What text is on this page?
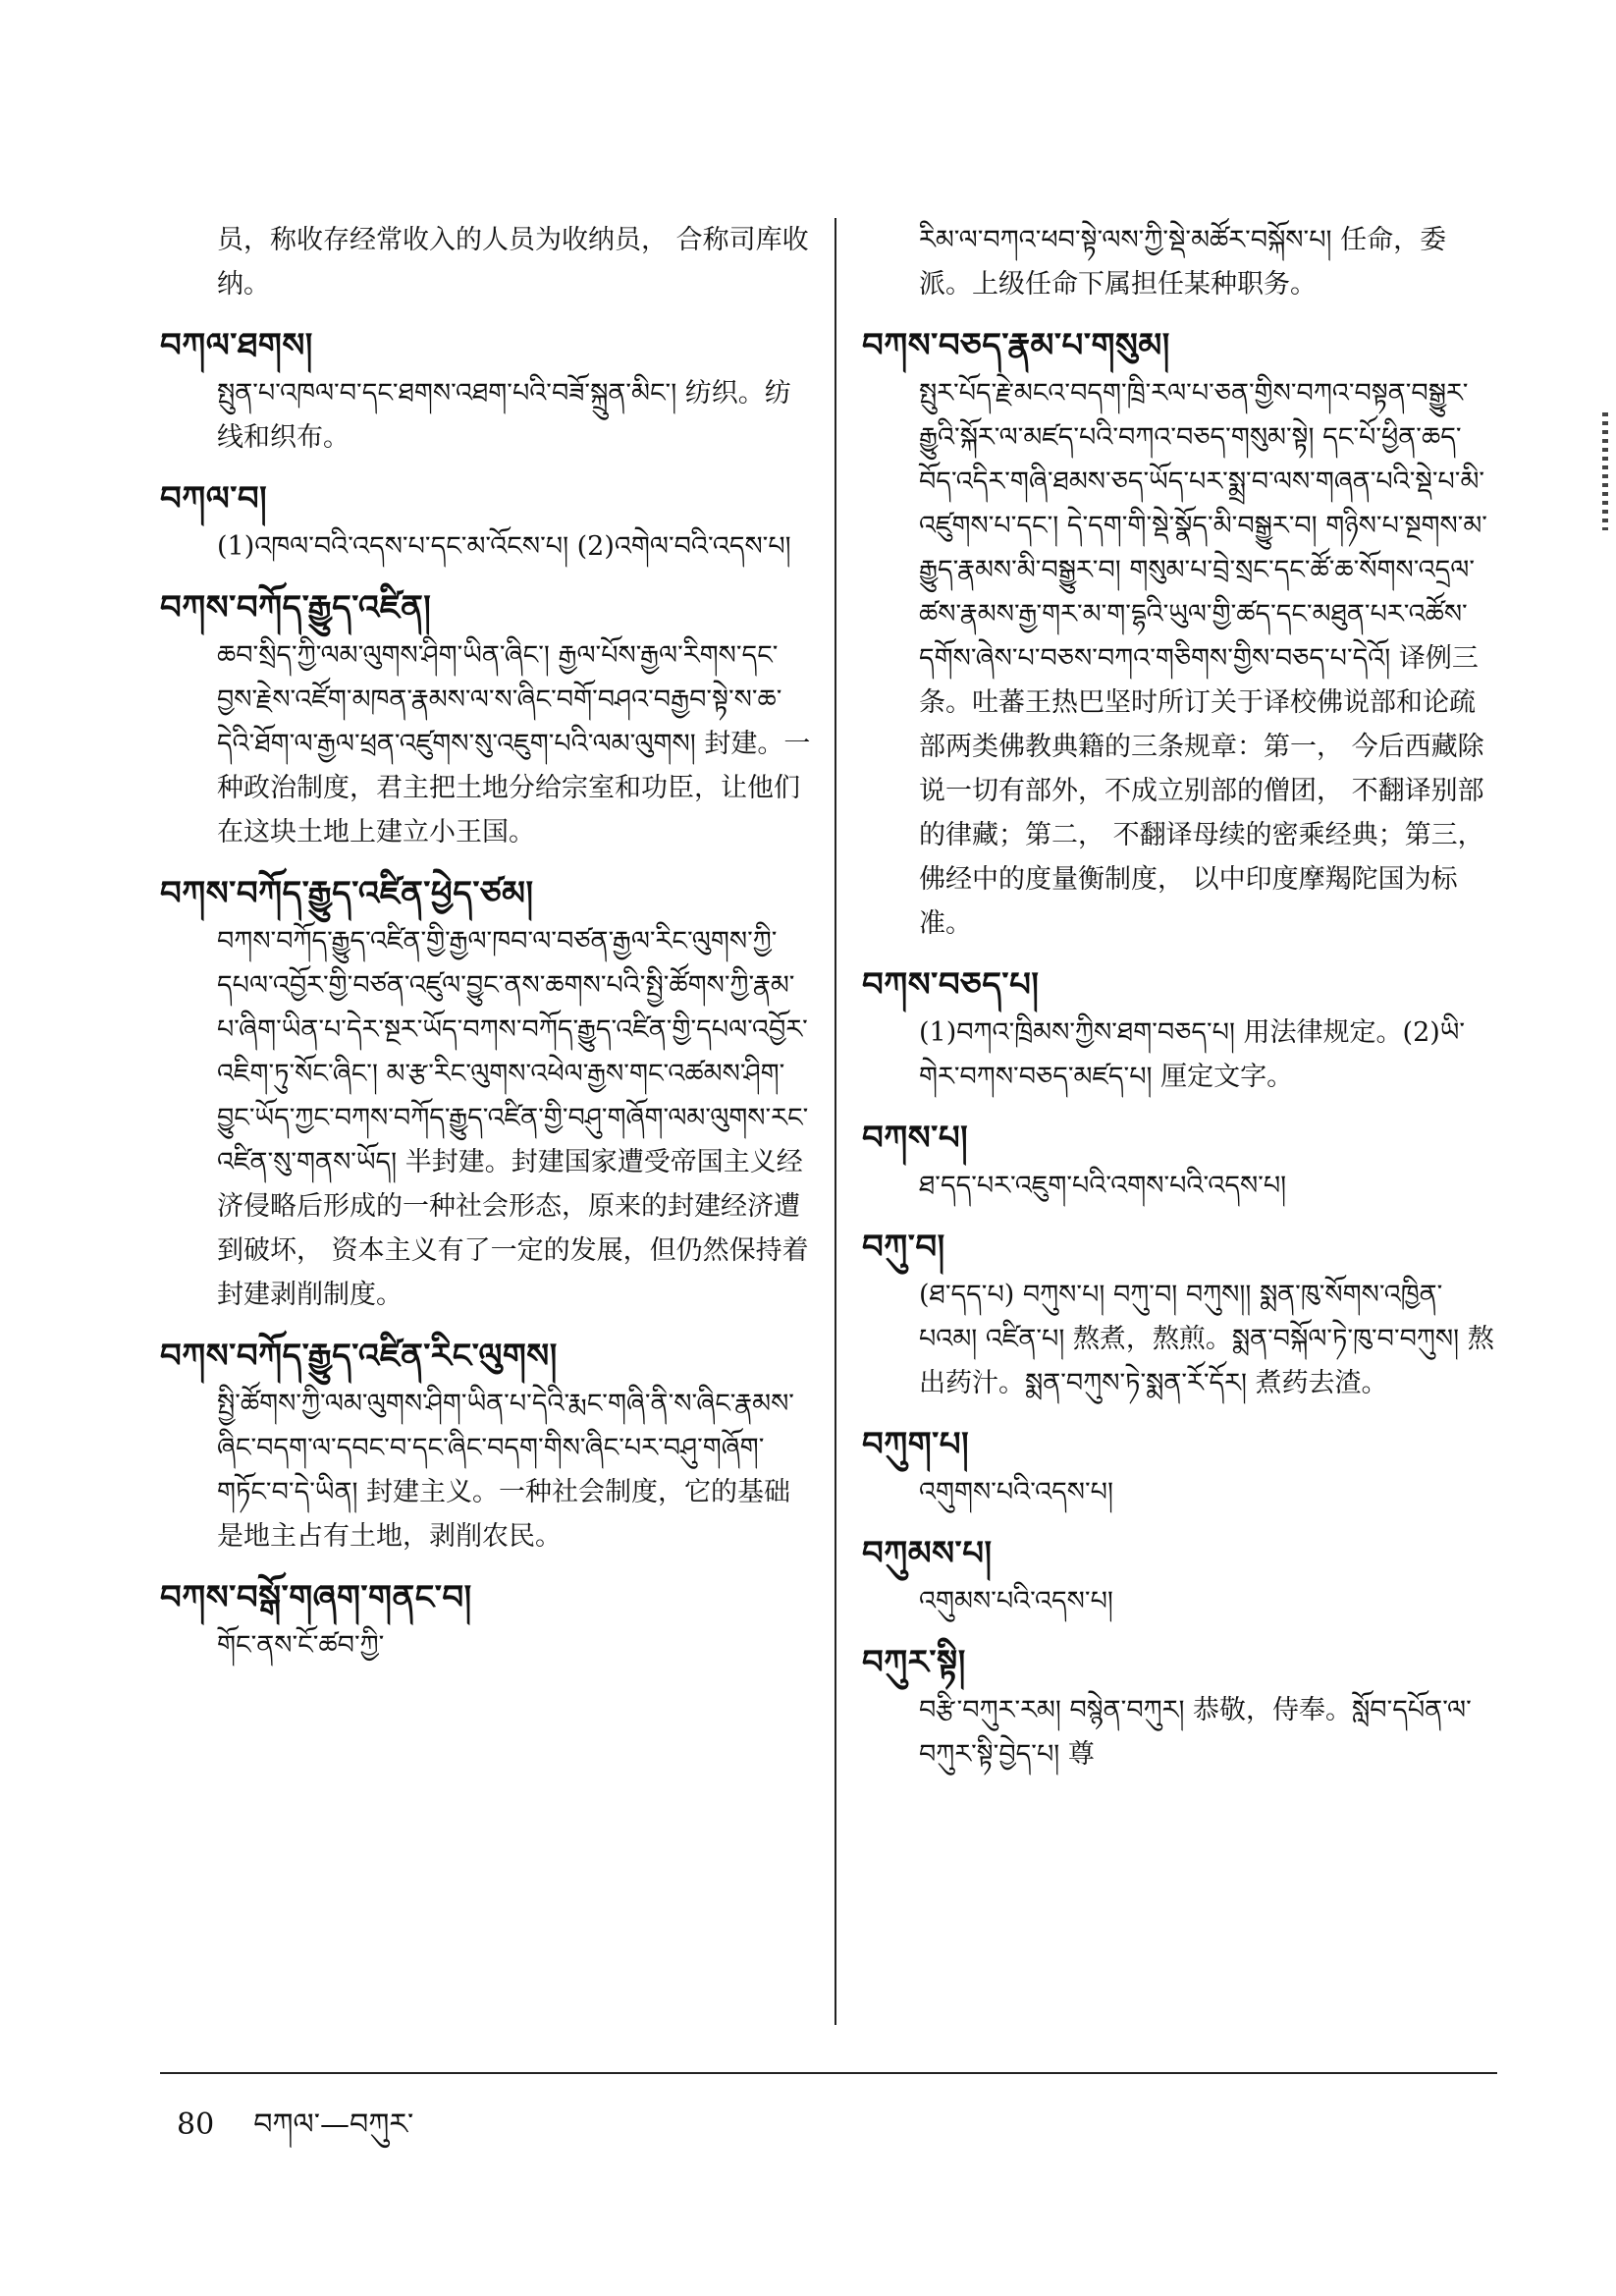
员，称收存经常收入的人员为收纳员， 合称司库收纳。
བཀལ་ཐགས།
སྤུན་པ་འཁལ་བ་དང་ཐགས་འཐག་པའི་བཟོ་སྐྲུན་མིང་། 纺织。纺线和织布。
བཀལ་བ།
(1)འཁལ་བའི་འདས་པ་དང་མ་འོངས་པ། (2)འགེལ་བའི་འདས་པ།
བཀས་བཀོད་རྒྱུད་འཛིན།
ཆབ་སྲིད་ཀྱི་ལམ་ལུགས་ཤིག་ཡིན་ཞིང་། རྒྱལ་པོས་རྒྱལ་རིགས་དང་བྱས་རྗེས་འཛོག་མཁན་རྣམས་ལ་ས་ཞིང་བགོ་བཤའ་བརྒྱབ་སྟེ་ས་ཆ་དེའི་ཐོག་ལ་རྒྱལ་ཕྲན་འཛུགས་སུ་འཇུག་པའི་ལམ་ལུགས། 封建。一种政治制度，君主把土地分给宗室和功臣，让他们在这块土地上建立小王国。
བཀས་བཀོད་རྒྱུད་འཛིན་ཕྱེད་ཙམ།
བཀས་བཀོད་རྒྱུད་འཛིན་གྱི་རྒྱལ་ཁབ་ལ་བཙན་རྒྱལ་རིང་ལུགས་ཀྱི་དཔལ་འབྱོར་གྱི་བཙན་འཛུལ་བྱུང་ནས་ཆགས་པའི་སྤྱི་ཚོགས་ཀྱི་རྣམ་པ་ཞིག་ཡིན་པ་དེར་སྔར་ཡོད་བཀས་བཀོད་རྒྱུད་འཛིན་གྱི་དཔལ་འབྱོར་འཇིག་ཏུ་སོང་ཞིང་། མ་རྩ་རིང་ལུགས་འཕེལ་རྒྱས་གང་འཚམས་ཤིག་བྱུང་ཡོད་ཀྱང་བཀས་བཀོད་རྒྱུད་འཛིན་གྱི་བཤུ་གཞོག་ལམ་ལུགས་རང་འཛིན་སུ་གནས་ཡོད། 半封建。封建国家遭受帝国主义经济侵略后形成的一种社会形态，原来的封建经济遭到破坏， 资本主义有了一定的发展，但仍然保持着封建剥削制度。
བཀས་བཀོད་རྒྱུད་འཛིན་རིང་ལུགས།
སྤྱི་ཚོགས་ཀྱི་ལམ་ལུགས་ཤིག་ཡིན་པ་དེའི་རྨང་གཞི་ནི་ས་ཞིང་རྣམས་ཞིང་བདག་ལ་དབང་བ་དང་ཞིང་བདག་གིས་ཞིང་པར་བཤུ་གཞོག་གཏོང་བ་དེ་ཡིན། 封建主义。一种社会制度，它的基础是地主占有土地，剥削农民。
བཀས་བསྒོ་གཞག་གནང་བ།
གོང་ནས་ངོ་ཚབ་ཀྱི་
རིམ་ལ་བཀའ་ཕབ་སྟེ་ལས་ཀྱི་སྡེ་མཚོར་བསྐོས་པ། 任命，委派。上级任命下属担任某种职务。
བཀས་བཅད་རྣམ་པ་གསུམ།
སྤུར་པོད་རྗེ་མངའ་བདག་ཁྲི་རལ་པ་ཅན་གྱིས་བཀའ་བསྟན་བསྒྱུར་རྒྱུའི་སྐོར་ལ་མཛད་པའི་བཀའ་བཅད་གསུམ་སྟེ། དང་པོ་ཕྱིན་ཆད་བོད་འདིར་གཞི་ཐམས་ཅད་ཡོད་པར་སྨྲ་བ་ལས་གཞན་པའི་སྡེ་པ་མི་འཛུགས་པ་དང་། དེ་དག་གི་སྡེ་སྣོད་མི་བསྒྱུར་བ། གཉིས་པ་སྔགས་མ་རྒྱུད་རྣམས་མི་བསྒྱུར་བ། གསུམ་པ་བྲེ་སྲང་དང་ཚོ་ཆ་སོགས་འདྲལ་ཚས་རྣམས་རྒྱ་གར་མ་ག་དྷའི་ཡུལ་གྱི་ཚད་དང་མཐུན་པར་འཚོས་དགོས་ཞེས་པ་བཅས་བཀའ་གཅིགས་གྱིས་བཅད་པ་དེའོ། 译例三条。吐蕃王热巴坚时所订关于译校佛说部和论疏部两类佛教典籍的三条规章：第一， 今后西藏除说一切有部外，不成立别部的僧团， 不翻译别部的律藏；第二， 不翻译母续的密乘经典；第三，佛经中的度量衡制度， 以中印度摩羯陀国为标准。
བཀས་བཅད་པ།
(1)བཀའ་ཁྲིམས་ཀྱིས་ཐག་བཅད་པ། 用法律规定。(2)ཡི་གེར་བཀས་བཅད་མཛད་པ། 厘定文字。
བཀས་པ།
ཐ་དད་པར་འཇུག་པའི་འགས་པའི་འདས་པ།
བཀུ་བ།
(ཐ་དད་པ) བཀུས་པ། བཀུ་བ། བཀུས།། སྨན་ཁུ་སོགས་འཁྱིན་པའམ། འཛིན་པ། 熬煮，熬煎。སྨན་བསྐོལ་ཏེ་ཁུ་བ་བཀུས། 熬出药汁。སྨན་བཀུས་ཏེ་སྨན་རོ་དོར། 煮药去渣。
བཀུག་པ།
འགུགས་པའི་འདས་པ།
བཀུམས་པ།
འགུམས་པའི་འདས་པ།
བཀུར་སྟི།
བརྩི་བཀུར་རམ། བསྙེན་བཀུར། 恭敬，侍奉。སློབ་དཔོན་ལ་བཀུར་སྟི་བྱེད་པ། 尊
80 བཀལ་—བཀུར་
